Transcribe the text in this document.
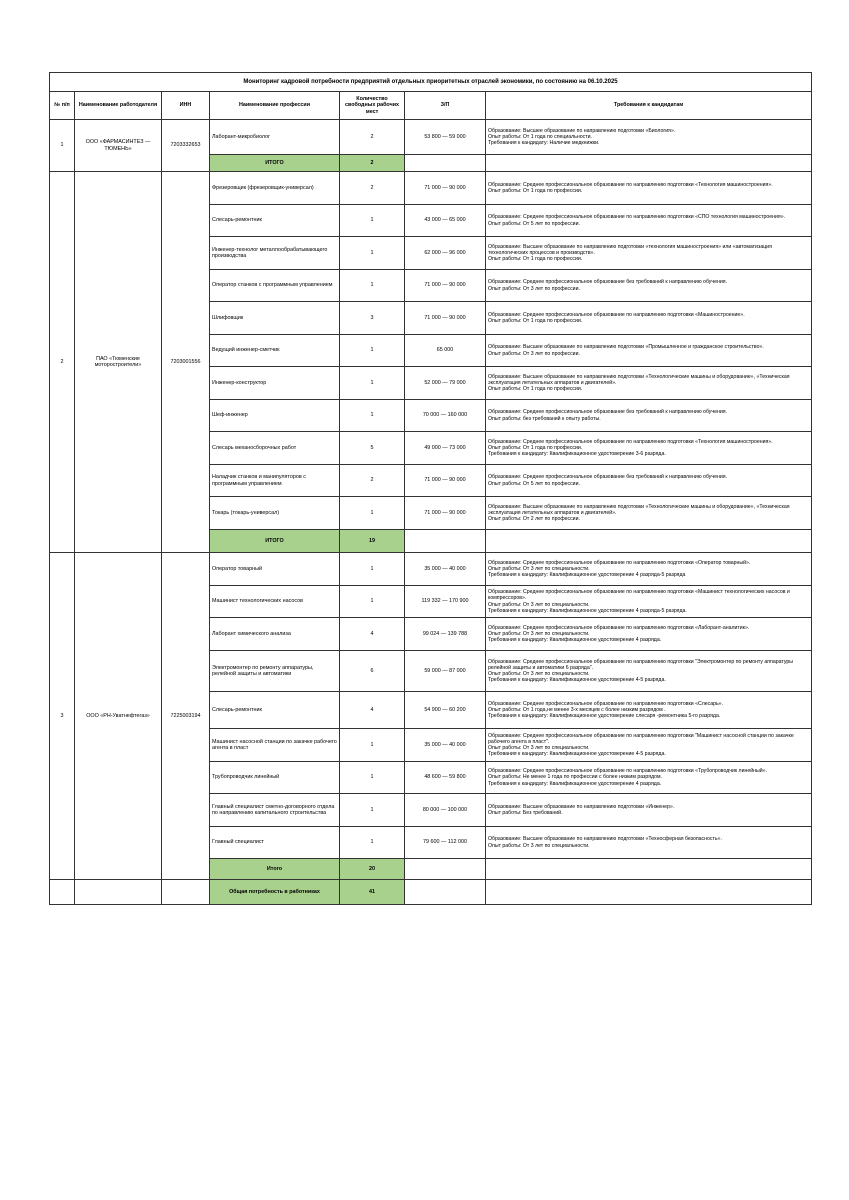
Мониторинг кадровой потребности предприятий отдельных приоритетных отраслей экономики, по состоянию на 06.10.2025						
№ п/п	Наименование работодателя	ИНН	Наименование профессии	Количество свободных рабочих мест	З/П	Требования к кандидатам
1	ООО «ФАРМАСИНТЕЗ — ТЮМЕНЬ»	7203332653	Лаборант-микробиолог	2	53 800 — 59 000	Образование: Высшее образование по направлению подготовки «Биология».
Опыт работы: От 1 года по специальности.
Требования к кандидату: Наличие медкнижки.
			ИТОГО	2		
2	ПАО «Тюменские моторостроители»	7203001556	Фрезеровщик (фрезеровщик-универсал)	2	71 000 — 90 000	Образование: Среднее профессиональное образование по направлению подготовки «Технология машиностроения».
Опыт работы: От 1 года по профессии.
			Слесарь-ремонтник	1	43 000 — 65 000	Образование: Среднее профессиональное образование по направлению подготовки «СПО технология машиностроения».
Опыт работы: От 5 лет по профессии.
			Инженер-технолог металлообрабатывающего производства	1	62 000 — 96 000	Образование: Высшее образование по направлению подготовки «технология машиностроения» или «автоматизация технологических процессов и производств».
Опыт работы: От 1 года по профессии.
			Оператор станков с программным управлением	1	71 000 — 90 000	Образование: Среднее профессиональное образование без требований к направлению обучения.
Опыт работы: От 3 лет по профессии.
			Шлифовщик	3	71 000 — 90 000	Образование: Среднее профессиональное образование по направлению подготовки «Машиностроение».
Опыт работы: От 1 года по профессии.
			Ведущий инженер-сметчик	1	65 000	Образование: Высшее образование по направлению подготовки «Промышленное и гражданское строительство».
Опыт работы: От 3 лет по профессии.
			Инженер-конструктор	1	52 000 — 79 000	Образование: Высшее образование по направлению подготовки «Технологические машины и оборудование», «Техническая эксплуатация летательных аппаратов и двигателей».
Опыт работы: От 1 года по профессии.
			Шеф-инженер	1	70 000 — 160 000	Образование: Среднее профессиональное образование без требований к направлению обучения.
Опыт работы: без требований к опыту работы.
			Слесарь механосборочных работ	5	49 000 — 73 000	Образование: Среднее профессиональное образование по направлению подготовки «Технология машиностроения».
Опыт работы: От 1 года по профессии.
Требования к кандидату: Квалификационное удостоверение 3-6 разряда.
			Наладчик станков и манипуляторов с программным управлением	2	71 000 — 90 000	Образование: Среднее профессиональное образование без требований к направлению обучения.
Опыт работы: От 5 лет по профессии.
			Токарь (токарь-универсал)	1	71 000 — 90 000	Образование: Высшее образование по направлению подготовки «Технологические машины и оборудование», «Техническая эксплуатация летательных аппаратов и двигателей».
Опыт работы: От 2 лет по профессии.
			ИТОГО	19		
3	ООО «РН-Уватнефтегаз»	7225003194	Оператор товарный	1	35 000 — 40 000	Образование: Среднее профессиональное образование по направлению подготовки «Оператор товарный».
Опыт работы: От 3 лет по специальности.
Требования к кандидату: Квалификационное удостоверение 4 разряда-5 разряда
			Машинист технологических насосов	1	119 332 — 170 900	Образование: Среднее профессиональное образование по направлению подготовки «Машинист технологических насосов и компрессоров».
Опыт работы: От 3 лет по специальности.
Требования к кандидату: Квалификационное удостоверение 4 разряда-5 разряда.
			Лаборант химического анализа	4	99 024 — 139 788	Образование: Среднее профессиональное образование по направлению подготовки «Лаборант-аналитик».
Опыт работы: От 3 лет по специальности.
Требования к кандидату: Квалификационное удостоверение 4 разряда.
			Электромонтер по ремонту аппаратуры, релейной защиты и автоматики	6	59 000 — 87 000	Образование: Среднее профессиональное образование по направлению подготовки "Электромонтер по ремонту аппаратуры релейной защиты и автоматики 6 разряда".
Опыт работы: От 3 лет по специальности.
Требования к кандидату: Квалификационное удостоверение 4-5 разряда.
			Слесарь-ремонтник	4	54 900 — 60 200	Образование: Среднее профессиональное образование по направлению подготовки «Слесарь».
Опыт работы: От 1 года,не менее 3-х месяцев с более низким разрядом .
Требования к кандидату: Квалификационное удостоверение слесаря -ремонтника 5-го разряда.
			Машинист насосной станции по закачке рабочего агента в пласт	1	35 000 — 40 000	Образование: Среднее профессиональное образование по направлению подготовки "Машинист насосной станции по закачке рабочего агента в пласт".
Опыт работы: От 3 лет по специальности.
Требования к кандидату: Квалификационное удостоверение 4-5 разряда.
			Трубопроводчик линейный	1	48 600 — 59 800	Образование: Среднее профессиональное образование по направлению подготовки «Трубопроводчик линейный».
Опыт работы: Не менее 1 года по профессии с более низким разрядом.
Требования к кандидату: Квалификационное удостоверение 4 разряда.
			Главный специалист сметно-договорного отдела по направлению капитального строительства	1	80 000 — 100 000	Образование: Высшее образование по направлению подготовки «Инженер».
Опыт работы: Без требований.
			Главный специалист	1	79 600 — 112 000	Образование: Высшее образование по направлению подготовки «Техносферная безопасность».
Опыт работы: От 3 лет по специальности.
			Итого	20		
			Общая потребность в работниках	41		
